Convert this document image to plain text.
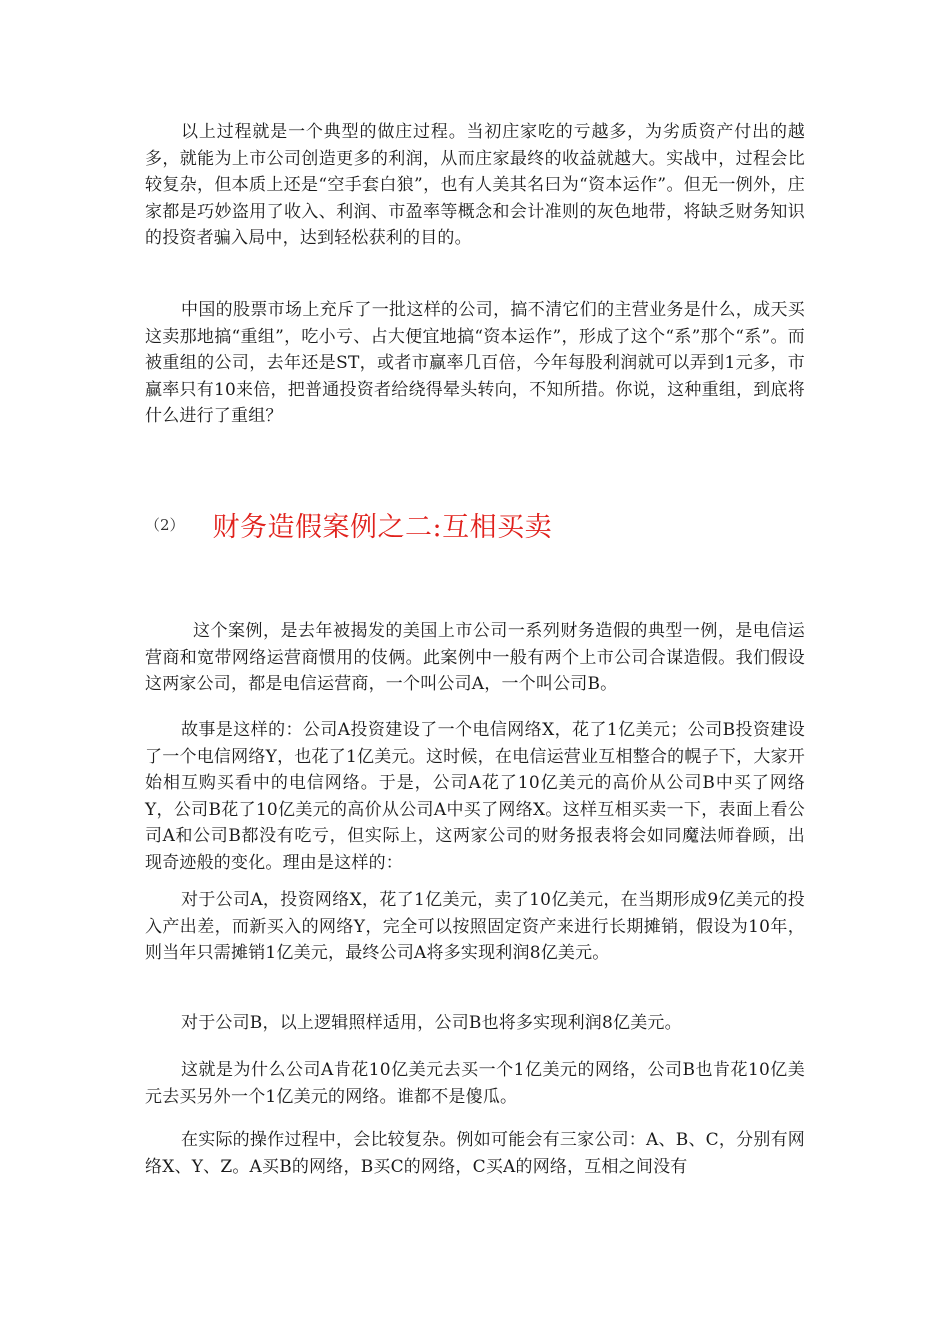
以上过程就是一个典型的做庄过程。当初庄家吃的亏越多，为劣质资产付出的越多，就能为上市公司创造更多的利润，从而庄家最终的收益就越大。实战中，过程会比较复杂，但本质上还是“空手套白狼”，也有人美其名曰为“资本运作”。但无一例外，庄家都是巧妙盗用了收入、利润、市盈率等概念和会计准则的灰色地带，将缺乏财务知识的投资者骗入局中，达到轻松获利的目的。

中国的股票市场上充斥了一批这样的公司，搞不清它们的主营业务是什么，成天买这卖那地搞“重组”，吃小亏、占大便宜地搞“资本运作”，形成了这个“系”那个“系”。而被重组的公司，去年还是ST，或者市赢率几百倍，今年每股利润就可以弄到1元多，市赢率只有10来倍，把普通投资者给绕得晕头转向，不知所措。你说，这种重组，到底将什么进行了重组？

（2） 财务造假案例之二:互相买卖

这个案例，是去年被揭发的美国上市公司一系列财务造假的典型一例，是电信运营商和宽带网络运营商惯用的伎俩。此案例中一般有两个上市公司合谋造假。我们假设这两家公司，都是电信运营商，一个叫公司A，一个叫公司B。

故事是这样的：公司A投资建设了一个电信网络X，花了1亿美元；公司B投资建设了一个电信网络Y，也花了1亿美元。这时候，在电信运营业互相整合的幌子下，大家开始相互购买看中的电信网络。于是，公司A花了10亿美元的高价从公司B中买了网络Y，公司B花了10亿美元的高价从公司A中买了网络X。这样互相买卖一下，表面上看公司A和公司B都没有吃亏，但实际上，这两家公司的财务报表将会如同魔法师眷顾，出现奇迹般的变化。理由是这样的：

对于公司A，投资网络X，花了1亿美元，卖了10亿美元，在当期形成9亿美元的投入产出差，而新买入的网络Y，完全可以按照固定资产来进行长期摊销，假设为10年，则当年只需摊销1亿美元，最终公司A将多实现利润8亿美元。

对于公司B，以上逻辑照样适用，公司B也将多实现利润8亿美元。

这就是为什么公司A肯花10亿美元去买一个1亿美元的网络，公司B也肯花10亿美元去买另外一个1亿美元的网络。谁都不是傻瓜。

在实际的操作过程中，会比较复杂。例如可能会有三家公司：A、B、C，分别有网络X、Y、Z。A买B的网络，B买C的网络，C买A的网络，互相之间没有
